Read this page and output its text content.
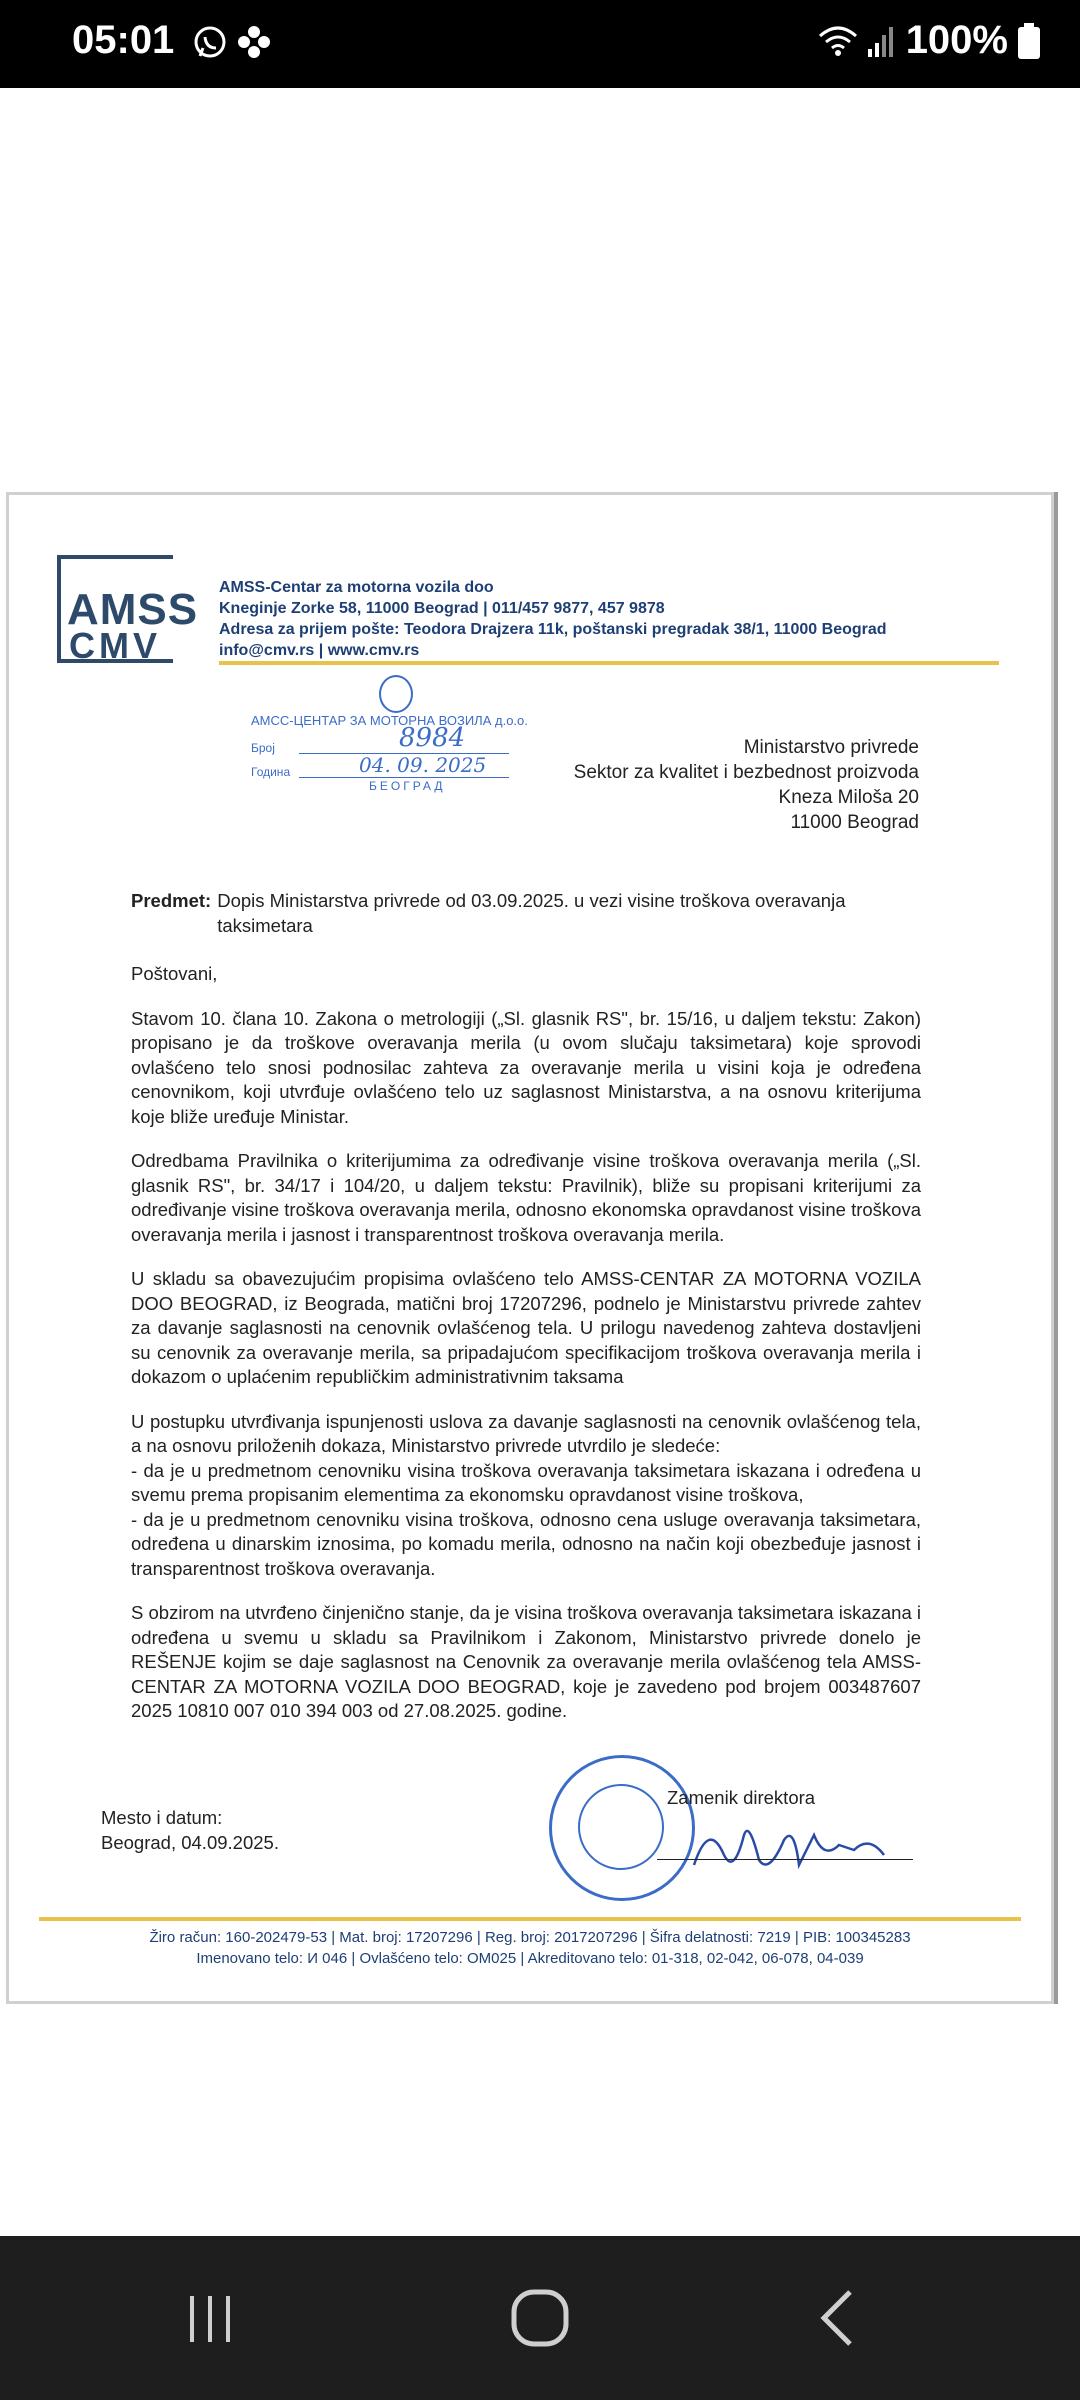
05:01	100%
AMSS
CMV
AMSS-Centar za motorna vozila doo
Kneginje Zorke 58, 11000 Beograd | 011/457 9877, 457 9878
Adresa za prijem pošte: Teodora Drajzera 11k, poštanski pregradak 38/1, 11000 Beograd
info@cmv.rs | www.cmv.rs
АМСС-ЦЕНТАР ЗА МОТОРНА ВОЗИЛА д.о.о.
Број	8984
Година	04. 09. 2025
БЕОГРАД
Ministarstvo privrede
Sektor za kvalitet i bezbednost proizvoda
Kneza Miloša 20
11000 Beograd
Predmet: Dopis Ministarstva privrede od 03.09.2025. u vezi visine troškova overavanja taksimetara
Poštovani,

Stavom 10. člana 10. Zakona o metrologiji („Sl. glasnik RS", br. 15/16, u daljem tekstu: Zakon) propisano je da troškove overavanja merila (u ovom slučaju taksimetara) koje sprovodi ovlašćeno telo snosi podnosilac zahteva za overavanje merila u visini koja je određena cenovnikom, koji utvrđuje ovlašćeno telo uz saglasnost Ministarstva, a na osnovu kriterijuma koje bliže uređuje Ministar.

Odredbama Pravilnika o kriterijumima za određivanje visine troškova overavanja merila („Sl. glasnik RS", br. 34/17 i 104/20, u daljem tekstu: Pravilnik), bliže su propisani kriterijumi za određivanje visine troškova overavanja merila, odnosno ekonomska opravdanost visine troškova overavanja merila i jasnost i transparentnost troškova overavanja merila.

U skladu sa obavezujućim propisima ovlašćeno telo AMSS-CENTAR ZA MOTORNA VOZILA DOO BEOGRAD, iz Beograda, matični broj 17207296, podnelo je Ministarstvu privrede zahtev za davanje saglasnosti na cenovnik ovlašćenog tela. U prilogu navedenog zahteva dostavljeni su cenovnik za overavanje merila, sa pripadajućom specifikacijom troškova overavanja merila i dokazom o uplaćenim republičkim administrativnim taksama

U postupku utvrđivanja ispunjenosti uslova za davanje saglasnosti na cenovnik ovlašćenog tela, a na osnovu priloženih dokaza, Ministarstvo privrede utvrdilo je sledeće:

- da je u predmetnom cenovniku visina troškova overavanja taksimetara iskazana i određena u svemu prema propisanim elementima za ekonomsku opravdanost visine troškova,

- da je u predmetnom cenovniku visina troškova, odnosno cena usluge overavanja taksimetara, određena u dinarskim iznosima, po komadu merila, odnosno na način koji obezbeđuje jasnost i transparentnost troškova overavanja.

S obzirom na utvrđeno činjenično stanje, da je visina troškova overavanja taksimetara iskazana i određena u svemu u skladu sa Pravilnikom i Zakonom, Ministarstvo privrede donelo je REŠENJE kojim se daje saglasnost na Cenovnik za overavanje merila ovlašćenog tela AMSS-CENTAR ZA MOTORNA VOZILA DOO BEOGRAD, koje je zavedeno pod brojem 003487607 2025 10810 007 010 394 003 od 27.08.2025. godine.

Mesto i datum:
Beograd, 04.09.2025.
Zamenik direktora
Žiro račun: 160-202479-53 | Mat. broj: 17207296 | Reg. broj: 2017207296 | Šifra delatnosti: 7219 | PIB: 100345283
Imenovano telo: И 046 | Ovlašćeno telo: OM025 | Akreditovano telo: 01-318, 02-042, 06-078, 04-039
